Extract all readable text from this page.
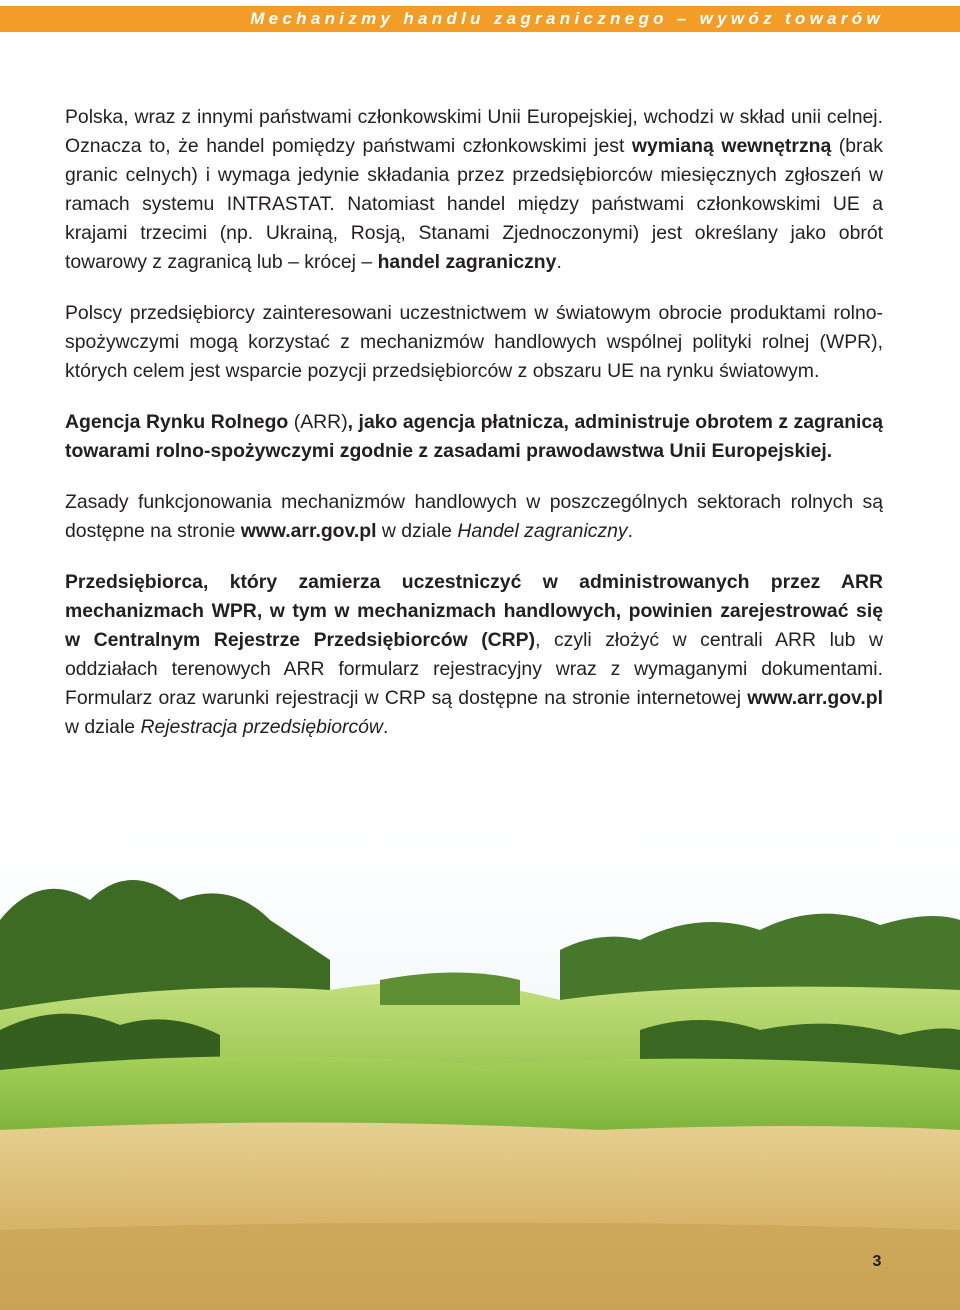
Mechanizmy handlu zagranicznego – wywóz towarów

Polska, wraz z innymi państwami członkowskimi Unii Europejskiej, wchodzi w skład unii celnej. Oznacza to, że handel pomiędzy państwami członkowskimi jest wymianą wewnętrzną (brak granic celnych) i wymaga jedynie składania przez przedsiębiorców miesięcznych zgłoszeń w ramach systemu INTRASTAT. Natomiast handel między państwami członkowskimi UE a krajami trzecimi (np. Ukrainą, Rosją, Stanami Zjednoczonymi) jest określany jako obrót towarowy z zagranicą lub – krócej – handel zagraniczny.

Polscy przedsiębiorcy zainteresowani uczestnictwem w światowym obrocie produktami rolno-spożywczymi mogą korzystać z mechanizmów handlowych wspólnej polityki rolnej (WPR), których celem jest wsparcie pozycji przedsiębiorców z obszaru UE na rynku światowym.

Agencja Rynku Rolnego (ARR), jako agencja płatnicza, administruje obrotem z zagranicą towarami rolno-spożywczymi zgodnie z zasadami prawodawstwa Unii Europejskiej.

Zasady funkcjonowania mechanizmów handlowych w poszczególnych sektorach rolnych są dostępne na stronie www.arr.gov.pl w dziale Handel zagraniczny.

Przedsiębiorca, który zamierza uczestniczyć w administrowanych przez ARR mechanizmach WPR, w tym w mechanizmach handlowych, powinien zarejestrować się w Centralnym Rejestrze Przedsiębiorców (CRP), czyli złożyć w centrali ARR lub w oddziałach terenowych ARR formularz rejestracyjny wraz z wymaganymi dokumentami. Formularz oraz warunki rejestracji w CRP są dostępne na stronie internetowej www.arr.gov.pl w dziale Rejestracja przedsiębiorców.

3
